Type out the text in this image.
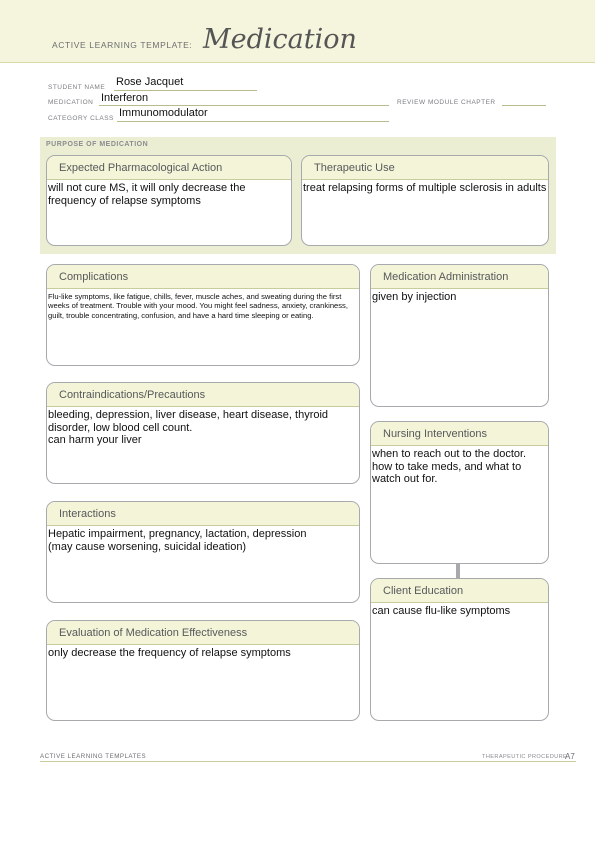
ACTIVE LEARNING TEMPLATE: Medication
STUDENT NAME Rose Jacquet
MEDICATION Interferon	REVIEW MODULE CHAPTER
CATEGORY CLASS Immunomodulator
PURPOSE OF MEDICATION
Expected Pharmacological Action
will not cure MS, it will only decrease the frequency of relapse symptoms
Therapeutic Use
treat relapsing forms of multiple sclerosis in adults
Complications
Flu-like symptoms, like fatigue, chills, fever, muscle aches, and sweating during the first weeks of treatment. Trouble with your mood. You might feel sadness, anxiety, crankiness, guilt, trouble concentrating, confusion, and have a hard time sleeping or eating.
Contraindications/Precautions
bleeding, depression, liver disease, heart disease, thyroid disorder, low blood cell count.
can harm your liver
Interactions
Hepatic impairment, pregnancy, lactation, depression
(may cause worsening, suicidal ideation)
Evaluation of Medication Effectiveness
only decrease the frequency of relapse symptoms
Medication Administration
given by injection
Nursing Interventions
when to reach out to the doctor. how to take meds, and what to watch out for.
Client Education
can cause flu-like symptoms
ACTIVE LEARNING TEMPLATES	THERAPEUTIC PROCEDURE
A7
